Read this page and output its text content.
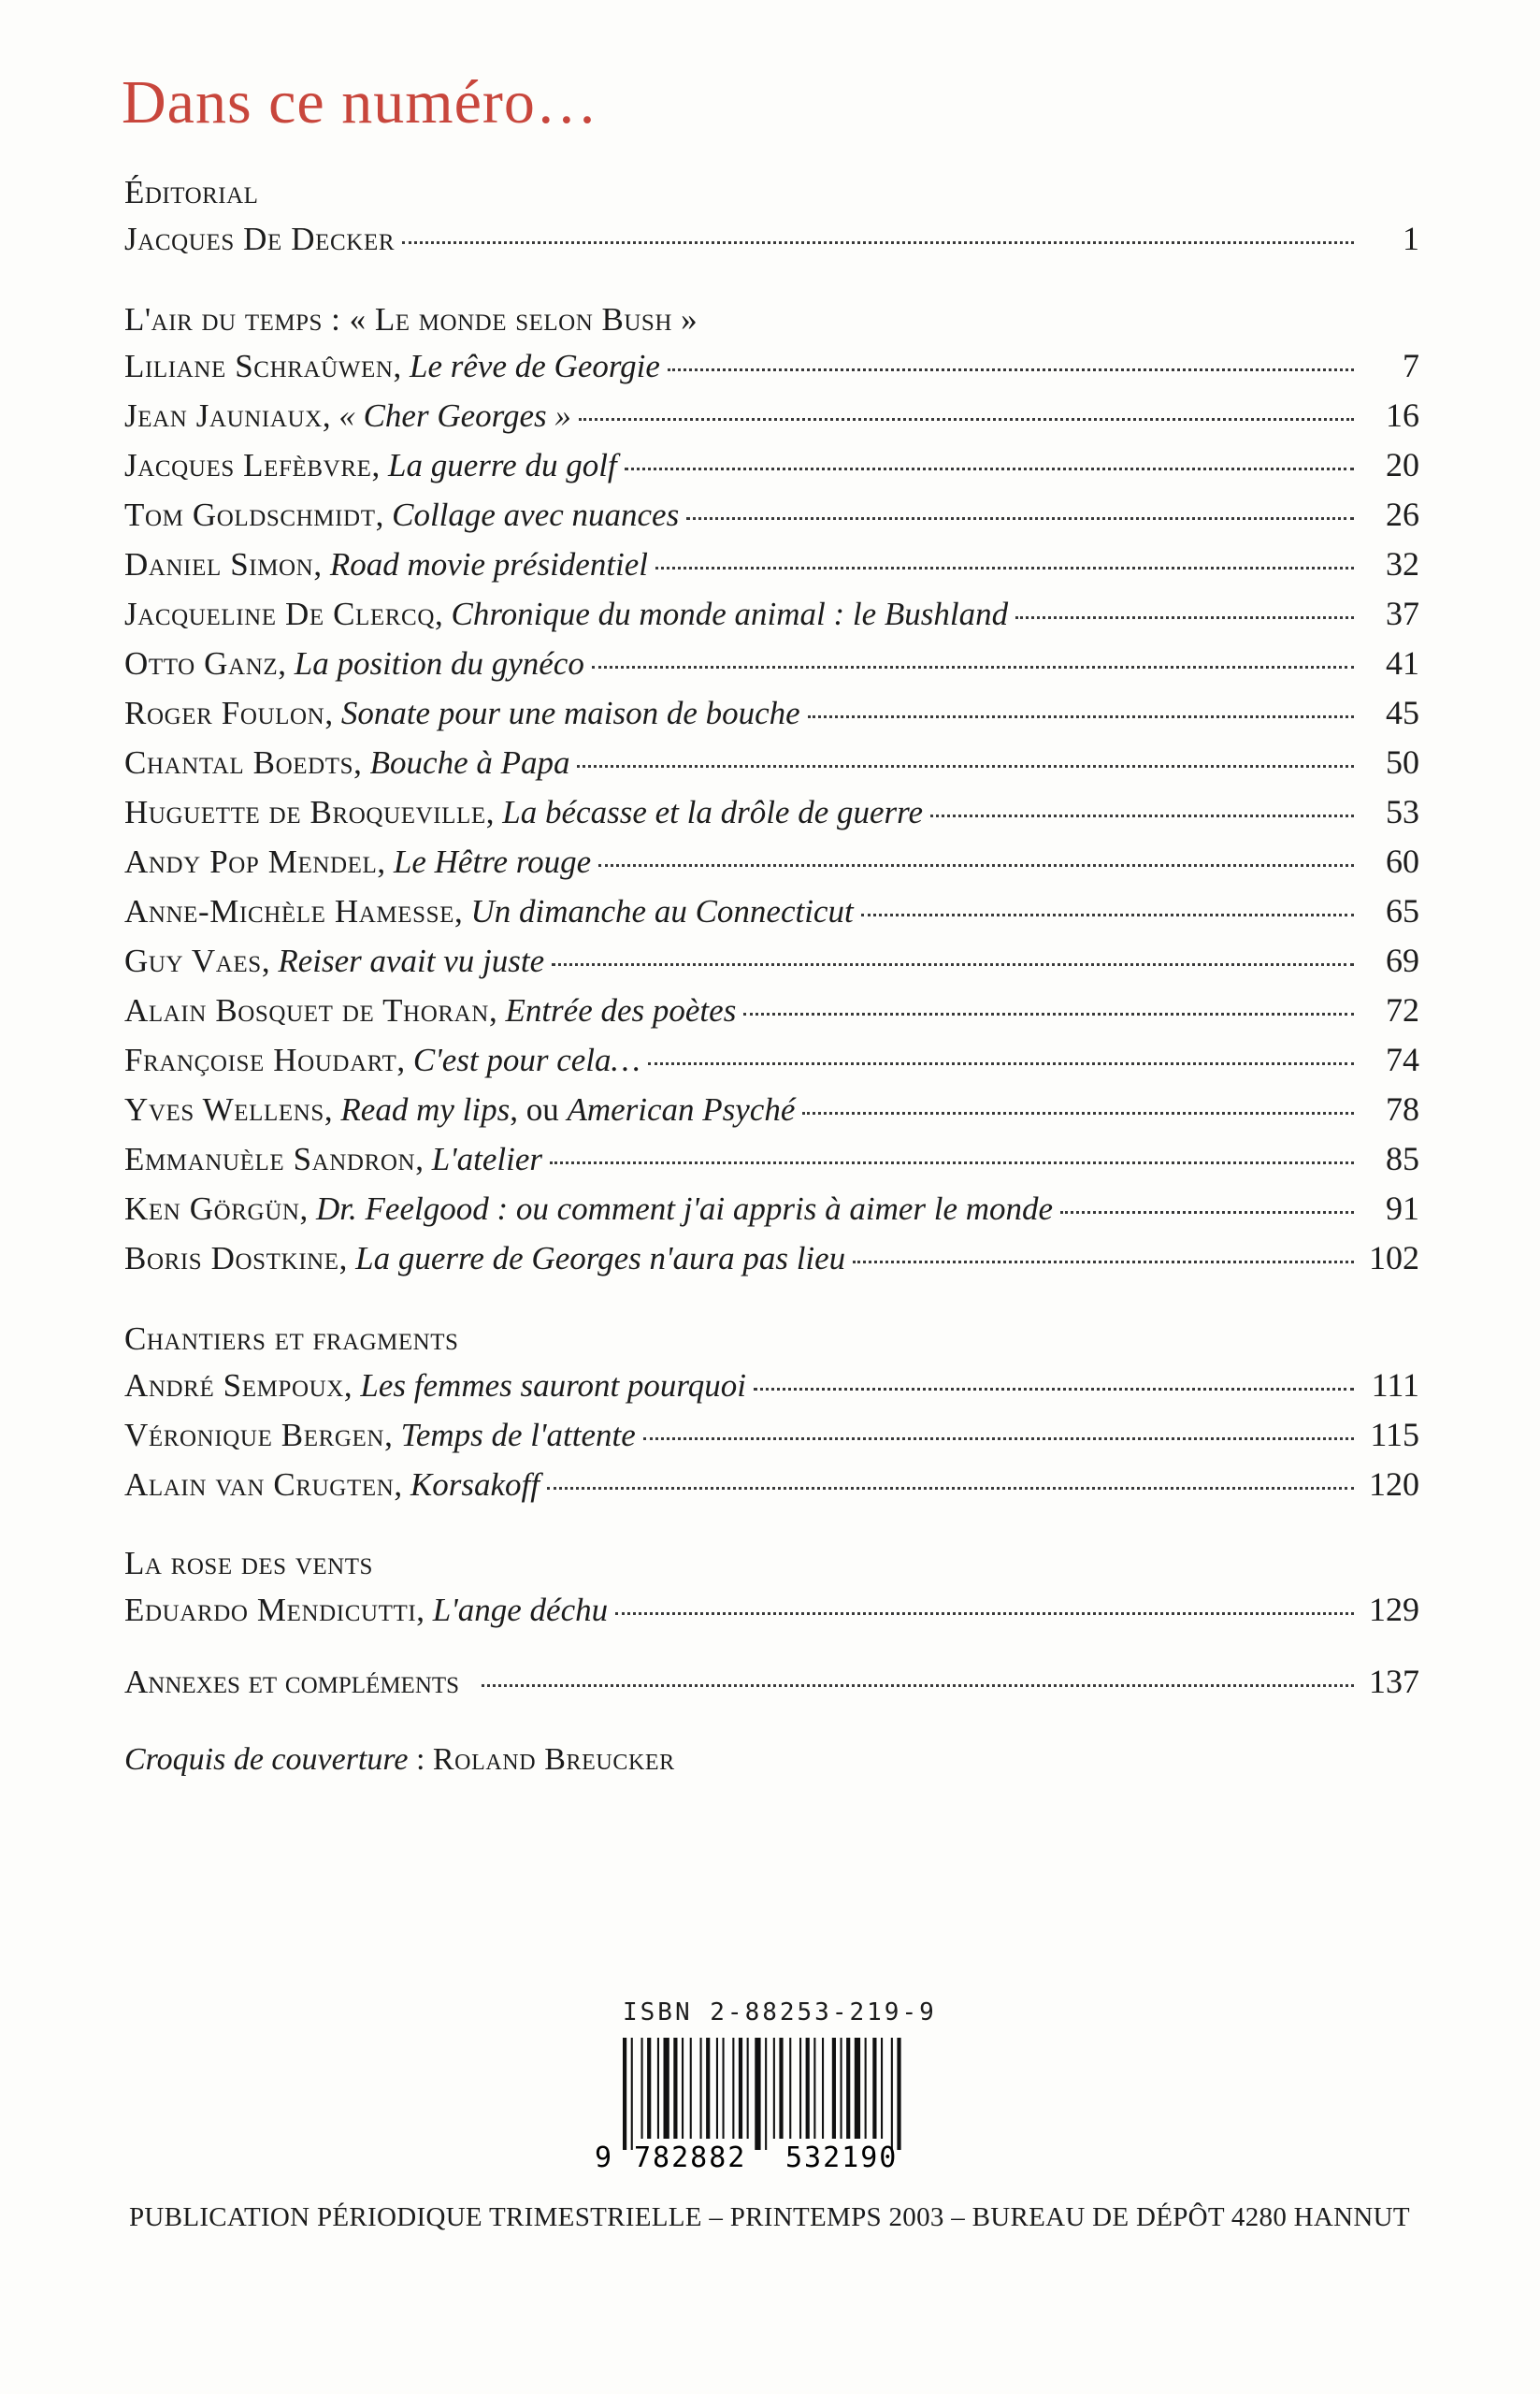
Dans ce numéro…
Éditorial
Jacques De Decker	1
L'air du temps : « Le monde selon Bush »
Liliane Schraûwen, Le rêve de Georgie	7
Jean Jauniaux, « Cher Georges »	16
Jacques Lefèbvre, La guerre du golf	20
Tom Goldschmidt, Collage avec nuances	26
Daniel Simon, Road movie présidentiel	32
Jacqueline De Clercq, Chronique du monde animal : le Bushland	37
Otto Ganz, La position du gynéco	41
Roger Foulon, Sonate pour une maison de bouche	45
Chantal Boedts, Bouche à Papa	50
Huguette de Broqueville, La bécasse et la drôle de guerre	53
Andy Pop Mendel, Le Hêtre rouge	60
Anne-Michèle Hamesse, Un dimanche au Connecticut	65
Guy Vaes, Reiser avait vu juste	69
Alain Bosquet de Thoran, Entrée des poètes	72
Françoise Houdart, C'est pour cela…	74
Yves Wellens, Read my lips, ou American Psyché	78
Emmanuèle Sandron, L'atelier	85
Ken Görgün, Dr. Feelgood : ou comment j'ai appris à aimer le monde	91
Boris Dostkine, La guerre de Georges n'aura pas lieu	102
Chantiers et fragments
André Sempoux, Les femmes sauront pourquoi	111
Véronique Bergen, Temps de l'attente	115
Alain van Crugten, Korsakoff	120
La rose des vents
Eduardo Mendicutti, L'ange déchu	129
Annexes et compléments	137
Croquis de couverture : Roland Breucker
ISBN 2-88253-219-9
9 782882 532190
PUBLICATION PÉRIODIQUE TRIMESTRIELLE – PRINTEMPS 2003 – BUREAU DE DÉPÔT 4280 HANNUT
